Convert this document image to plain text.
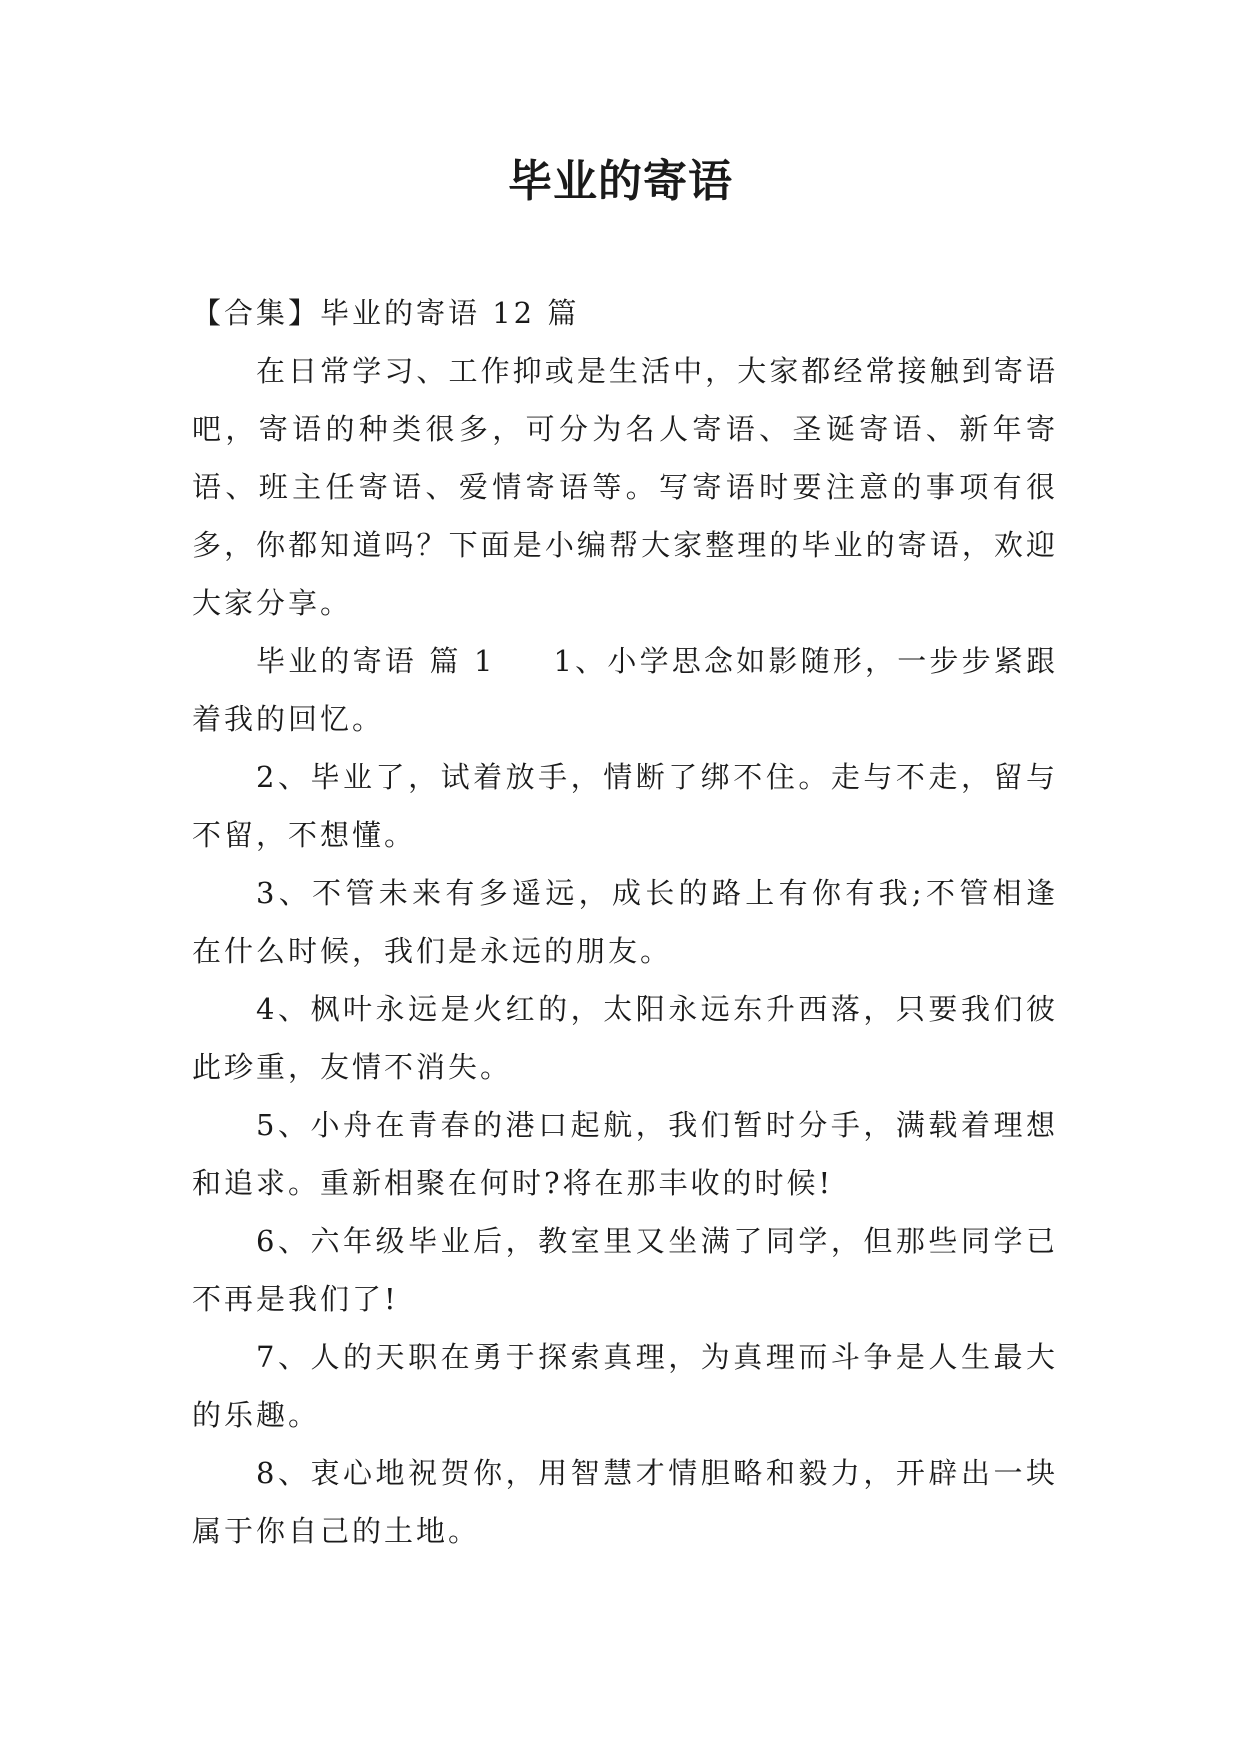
毕业的寄语

【合集】毕业的寄语 12 篇

在日常学习、工作抑或是生活中，大家都经常接触到寄语吧，寄语的种类很多，可分为名人寄语、圣诞寄语、新年寄语、班主任寄语、爱情寄语等。写寄语时要注意的事项有很多，你都知道吗？下面是小编帮大家整理的毕业的寄语，欢迎大家分享。

毕业的寄语 篇 1 1、小学思念如影随形，一步步紧跟着我的回忆。

2、毕业了，试着放手，情断了绑不住。走与不走，留与不留，不想懂。

3、不管未来有多遥远，成长的路上有你有我;不管相逢在什么时候，我们是永远的朋友。

4、枫叶永远是火红的，太阳永远东升西落，只要我们彼此珍重，友情不消失。

5、小舟在青春的港口起航，我们暂时分手，满载着理想和追求。重新相聚在何时?将在那丰收的时候!

6、六年级毕业后，教室里又坐满了同学，但那些同学已不再是我们了!

7、人的天职在勇于探索真理，为真理而斗争是人生最大的乐趣。

8、衷心地祝贺你，用智慧才情胆略和毅力，开辟出一块属于你自己的土地。
